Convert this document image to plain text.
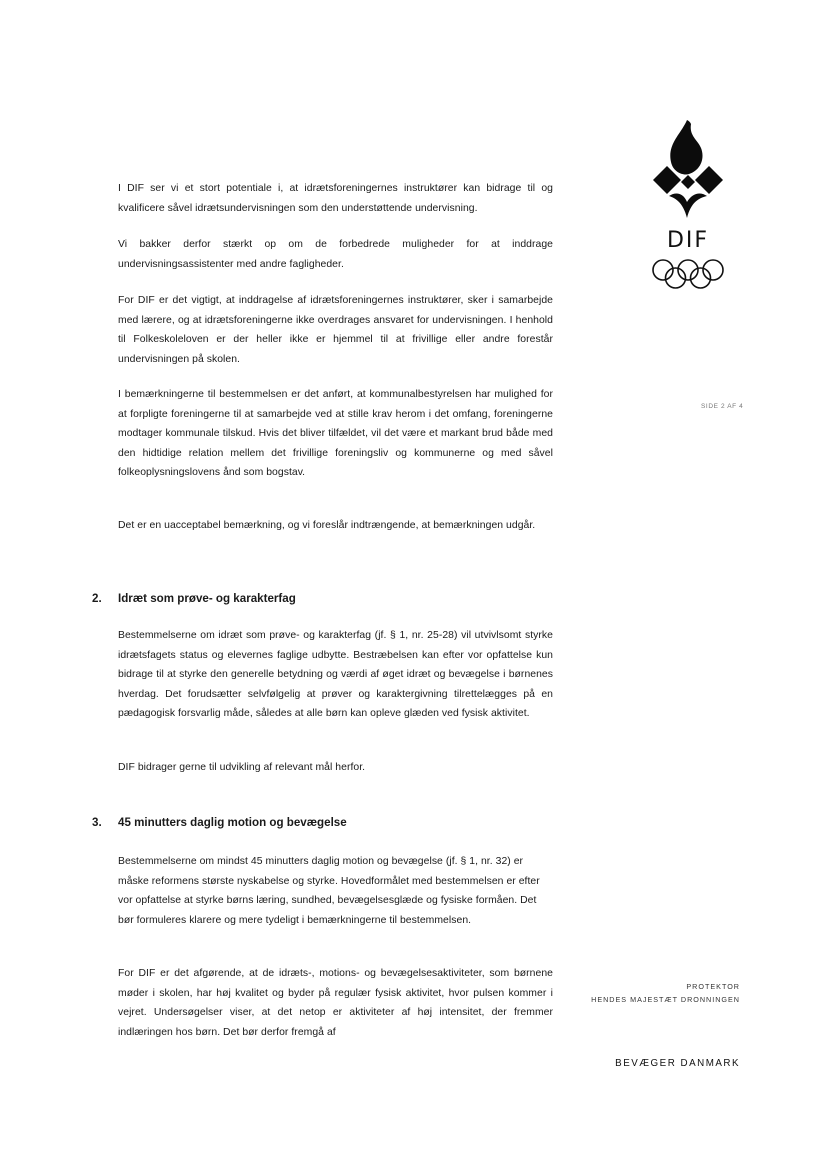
DIF
SIDE 2 AF 4

I DIF ser vi et stort potentiale i, at idrætsforeningernes instruktører kan bidrage til og kvalificere såvel idrætsundervisningen som den understøttende undervisning.

Vi bakker derfor stærkt op om de forbedrede muligheder for at inddrage undervisningsassistenter med andre fagligheder.

For DIF er det vigtigt, at inddragelse af idrætsforeningernes instruktører, sker i samarbejde med lærere, og at idrætsforeningerne ikke overdrages ansvaret for undervisningen. I henhold til Folkeskoleloven er der heller ikke er hjemmel til at frivillige eller andre forestår undervisningen på skolen.

I bemærkningerne til bestemmelsen er det anført, at kommunalbestyrelsen har mulighed for at forpligte foreningerne til at samarbejde ved at stille krav herom i det omfang, foreningerne modtager kommunale tilskud. Hvis det bliver tilfældet, vil det være et markant brud både med den hidtidige relation mellem det frivillige foreningsliv og kommunerne og med såvel folkeoplysningslovens ånd som bogstav.

Det er en uacceptabel bemærkning, og vi foreslår indtrængende, at bemærkningen udgår.

2. Idræt som prøve- og karakterfag

Bestemmelserne om idræt som prøve- og karakterfag (jf. § 1, nr. 25-28) vil utvivlsomt styrke idrætsfagets status og elevernes faglige udbytte. Bestræbelsen kan efter vor opfattelse kun bidrage til at styrke den generelle betydning og værdi af øget idræt og bevægelse i børnenes hverdag. Det forudsætter selvfølgelig at prøver og karaktergivning tilrettelægges på en pædagogisk forsvarlig måde, således at alle børn kan opleve glæden ved fysisk aktivitet.

DIF bidrager gerne til udvikling af relevant mål herfor.

3. 45 minutters daglig motion og bevægelse

Bestemmelserne om mindst 45 minutters daglig motion og bevægelse (jf. § 1, nr. 32) er måske reformens største nyskabelse og styrke. Hovedformålet med bestemmelsen er efter vor opfattelse at styrke børns læring, sundhed, bevægelsesglæde og fysiske formåen. Det bør formuleres klarere og mere tydeligt i bemærkningerne til bestemmelsen.

For DIF er det afgørende, at de idræts-, motions- og bevægelsesaktiviteter, som børnene møder i skolen, har høj kvalitet og byder på regulær fysisk aktivitet, hvor pulsen kommer i vejret. Undersøgelser viser, at det netop er aktiviteter af høj intensitet, der fremmer indlæringen hos børn. Det bør derfor fremgå af

PROTEKTOR
HENDES MAJESTÆT DRONNINGEN
BEVÆGER DANMARK
